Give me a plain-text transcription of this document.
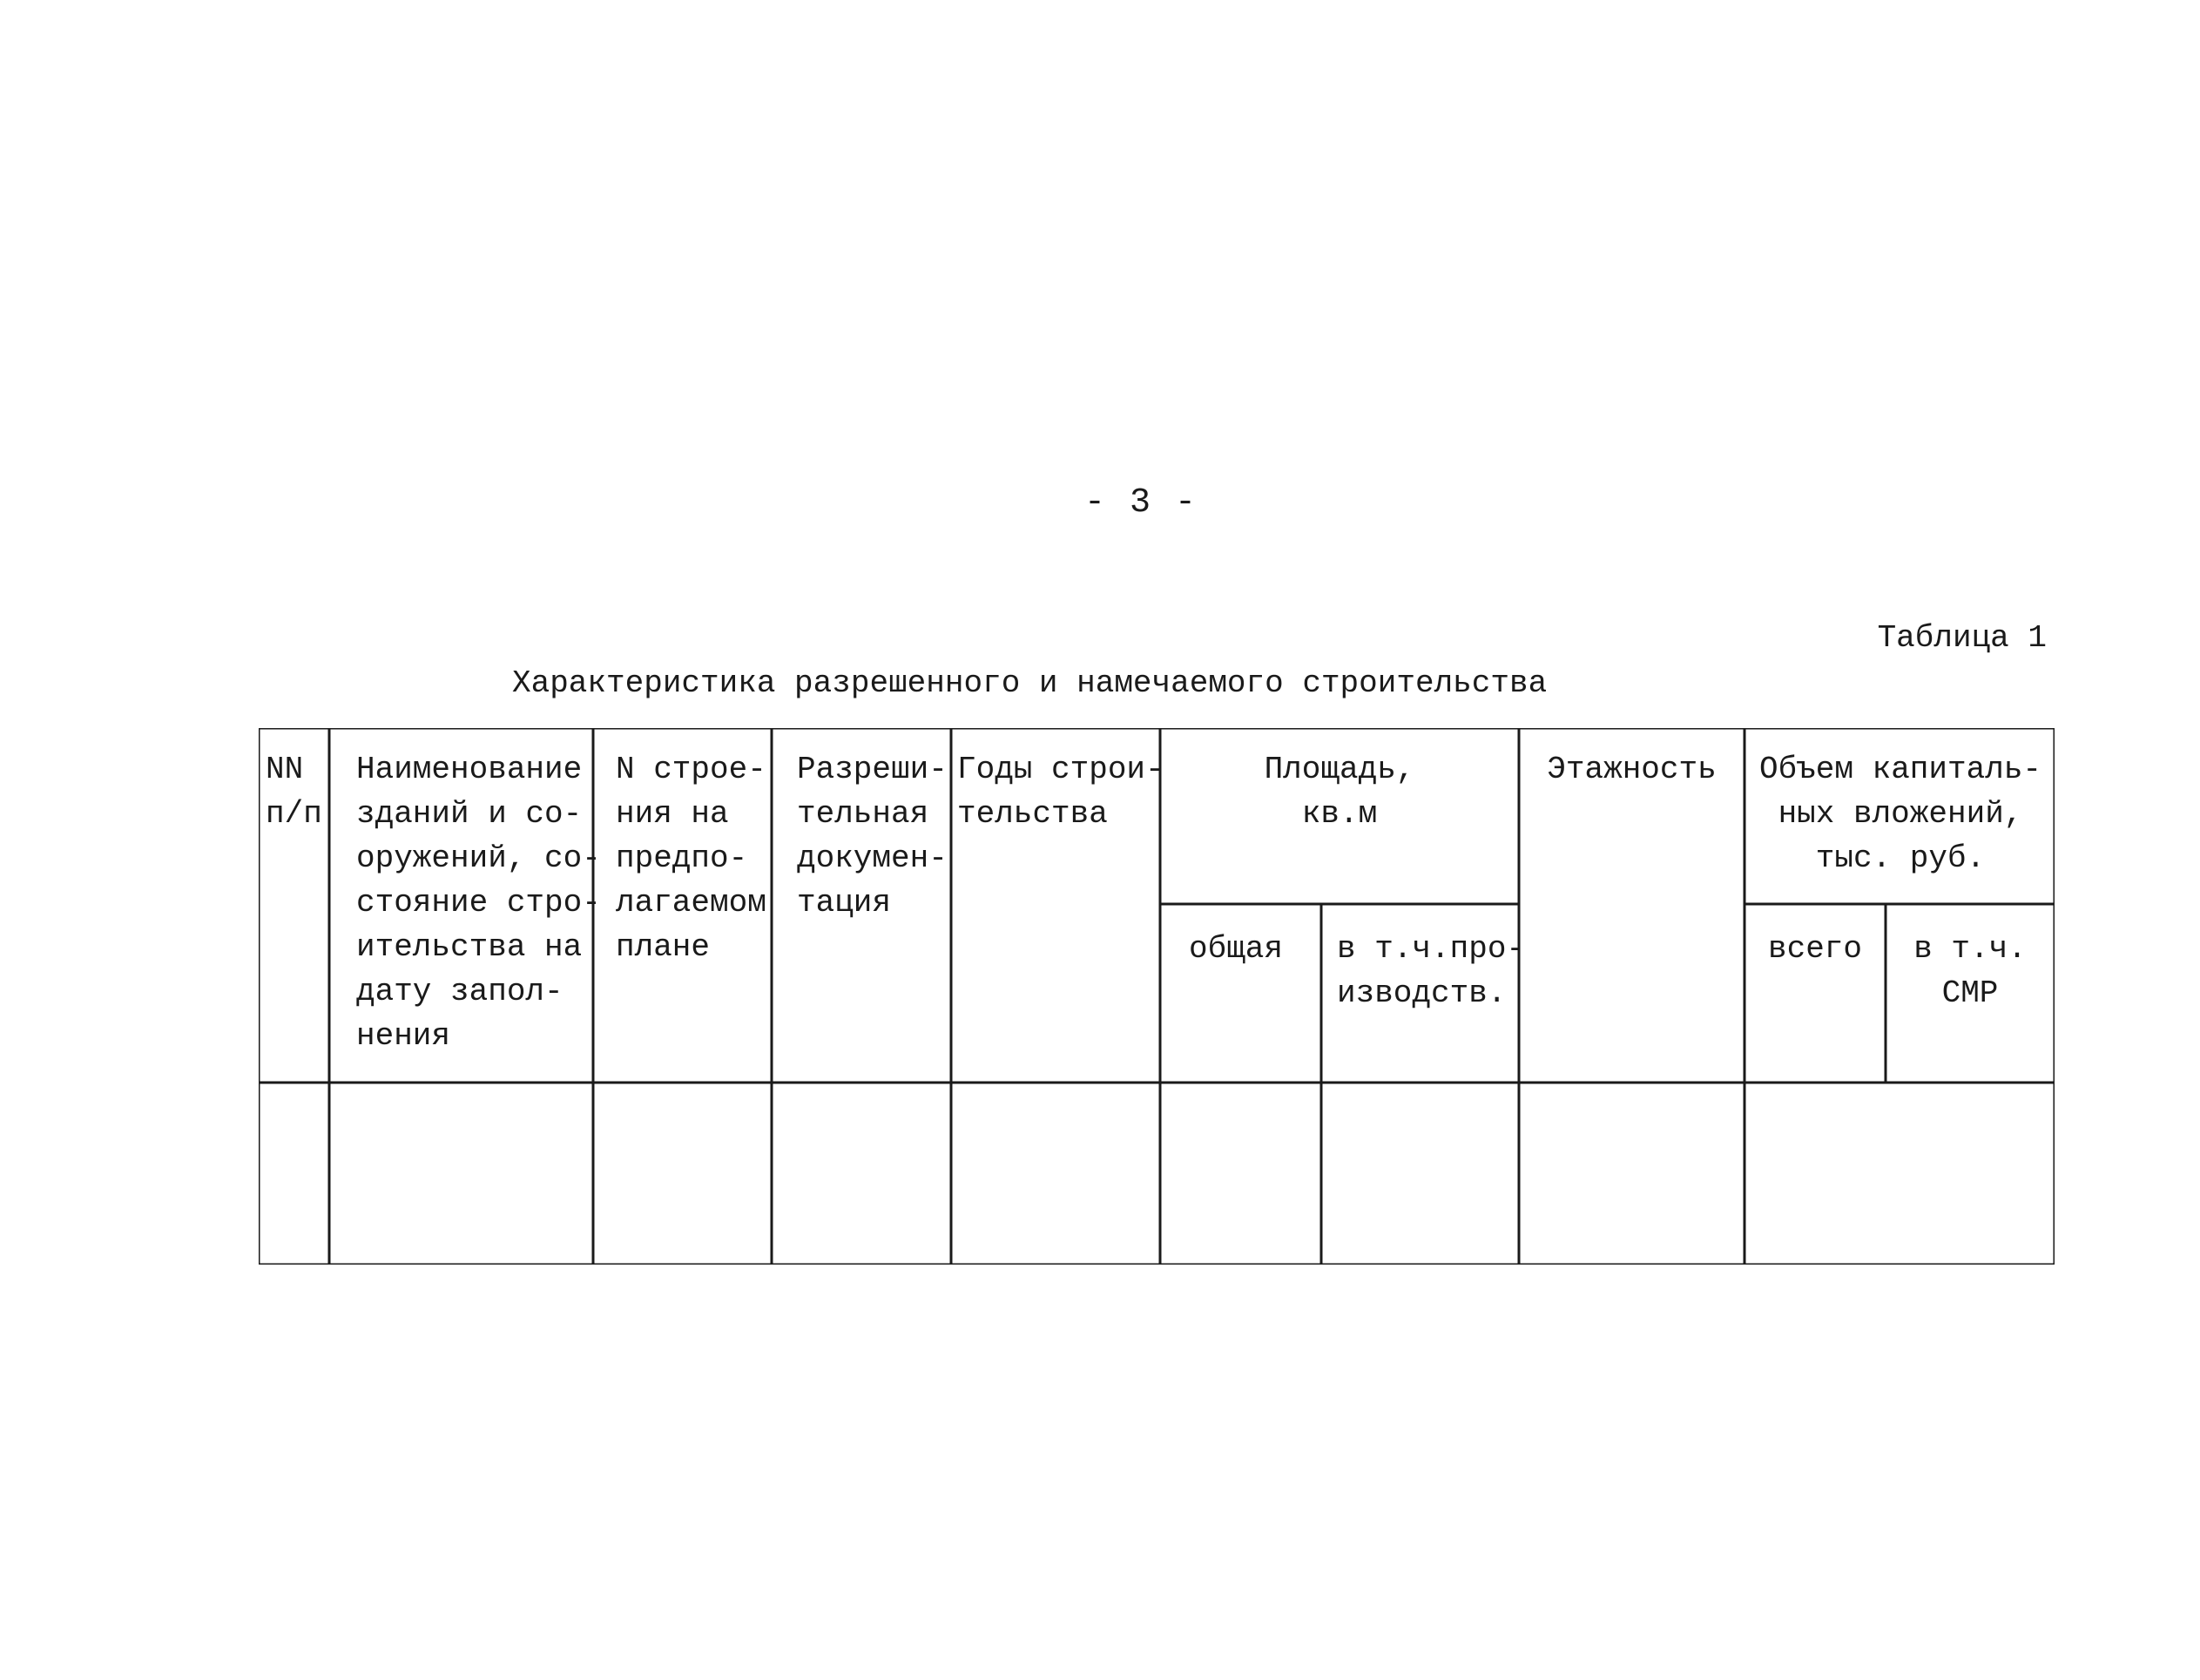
- 3 -
Таблица 1
Характеристика разрешенного и намечаемого строительства
NN
п/п
Наименование
зданий и со-
оружений, со-
стояние стро-
ительства на
дату запол-
нения
N строе-
ния на
предпо-
лагаемом
плане
Разреши-
тельная
докумен-
тация
Годы строи-
тельства
Площадь,
кв.м
общая в т.ч.про-
изводств.
Этажность	Объем капиталь-
ных вложений,
тыс. руб.
всего	в т.ч.
СМР
